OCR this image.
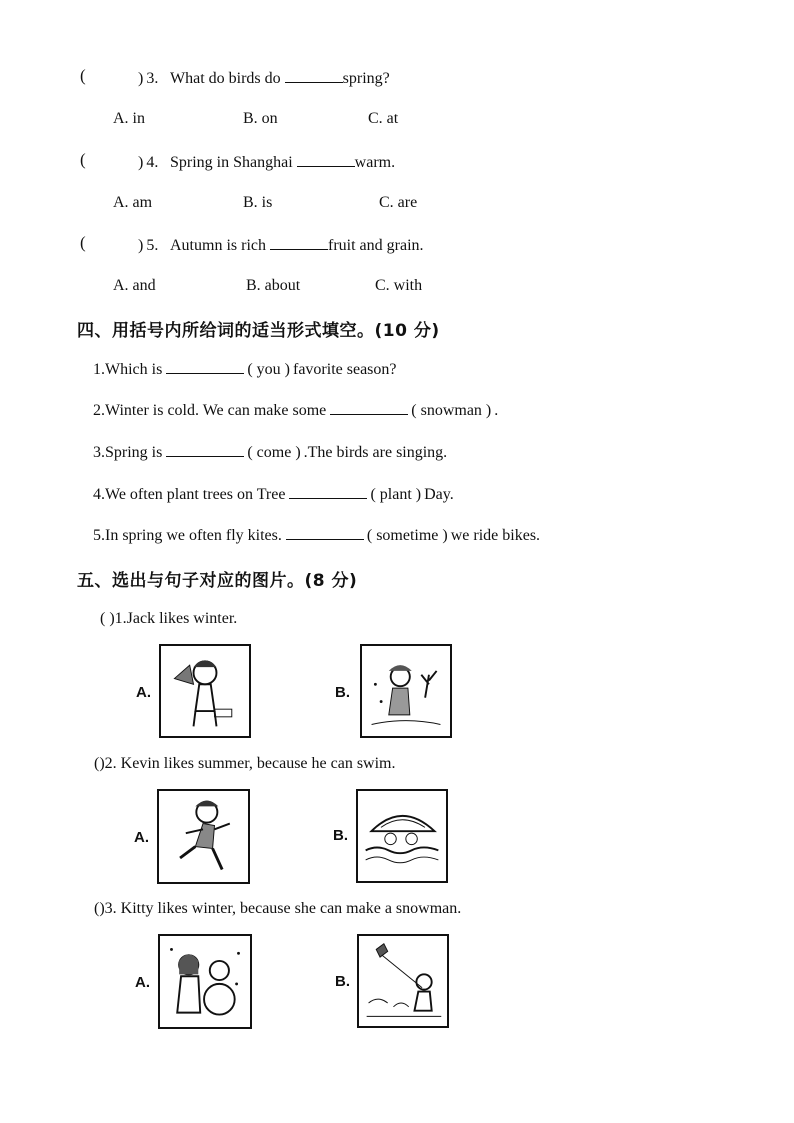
(	) 3. What do birds do	spring?
A. in	B. on	C. at
(	) 4. Spring in Shanghai	warm.
A. am	B. is	C. are
(	) 5. Autumn is rich	fruit and grain.
A. and	B. about	C. with
四、用括号内所给词的适当形式填空。(10 分)
1.Which is	( you ) favorite season?
2.Winter is cold. We can make some	( snowman ) .
3.Spring is	( come ) .The birds are singing.
4.We often plant trees on Tree	( plant ) Day.
5.In spring we often fly kites.	( sometime ) we ride bikes.
五、选出与句子对应的图片。(8 分)
( )1.Jack likes winter.
A.	B.
()2. Kevin likes summer, because he can swim.
A.	B.
()3. Kitty likes winter, because she can make a snowman.
A.	B.
